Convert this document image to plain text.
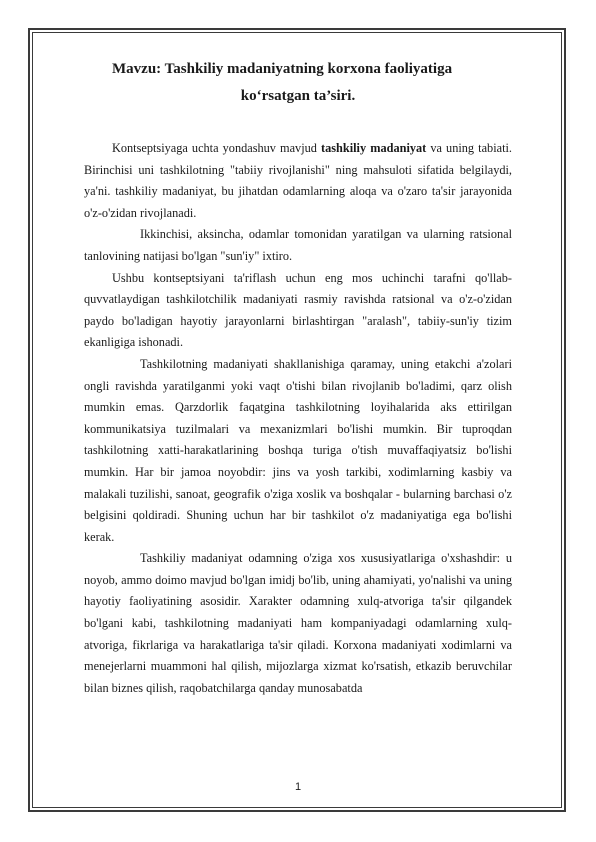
Mavzu: Tashkiliy madaniyatning korxona faoliyatiga
ko‘rsatgan ta’siri.

Kontseptsiyaga uchta yondashuv mavjud tashkiliy madaniyat va uning tabiati. Birinchisi uni tashkilotning "tabiiy rivojlanishi" ning mahsuloti sifatida belgilaydi, ya'ni. tashkiliy madaniyat, bu jihatdan odamlarning aloqa va o'zaro ta'sir jarayonida o'z-o'zidan rivojlanadi.

Ikkinchisi, aksincha, odamlar tomonidan yaratilgan va ularning ratsional tanlovining natijasi bo'lgan "sun'iy" ixtiro.

Ushbu kontseptsiyani ta'riflash uchun eng mos uchinchi tarafni qo'llab-quvvatlaydigan tashkilotchilik madaniyati rasmiy ravishda ratsional va o'z-o'zidan paydo bo'ladigan hayotiy jarayonlarni birlashtirgan "aralash", tabiiy-sun'iy tizim ekanligiga ishonadi.

Tashkilotning madaniyati shakllanishiga qaramay, uning etakchi a'zolari ongli ravishda yaratilganmi yoki vaqt o'tishi bilan rivojlanib bo'ladimi, qarz olish mumkin emas. Qarzdorlik faqatgina tashkilotning loyihalarida aks ettirilgan kommunikatsiya tuzilmalari va mexanizmlari bo'lishi mumkin. Bir tuproqdan tashkilotning xatti-harakatlarining boshqa turiga o'tish muvaffaqiyatsiz bo'lishi mumkin. Har bir jamoa noyobdir: jins va yosh tarkibi, xodimlarning kasbiy va malakali tuzilishi, sanoat, geografik o'ziga xoslik va boshqalar - bularning barchasi o'z belgisini qoldiradi. Shuning uchun har bir tashkilot o'z madaniyatiga ega bo'lishi kerak.

Tashkiliy madaniyat odamning o'ziga xos xususiyatlariga o'xshashdir: u noyob, ammo doimo mavjud bo'lgan imidj bo'lib, uning ahamiyati, yo'nalishi va uning hayotiy faoliyatining asosidir. Xarakter odamning xulq-atvoriga ta'sir qilgandek bo'lgani kabi, tashkilotning madaniyati ham kompaniyadagi odamlarning xulq-atvoriga, fikrlariga va harakatlariga ta'sir qiladi. Korxona madaniyati xodimlarni va menejerlarni muammoni hal qilish, mijozlarga xizmat ko'rsatish, etkazib beruvchilar bilan biznes qilish, raqobatchilarga qanday munosabatda

1
